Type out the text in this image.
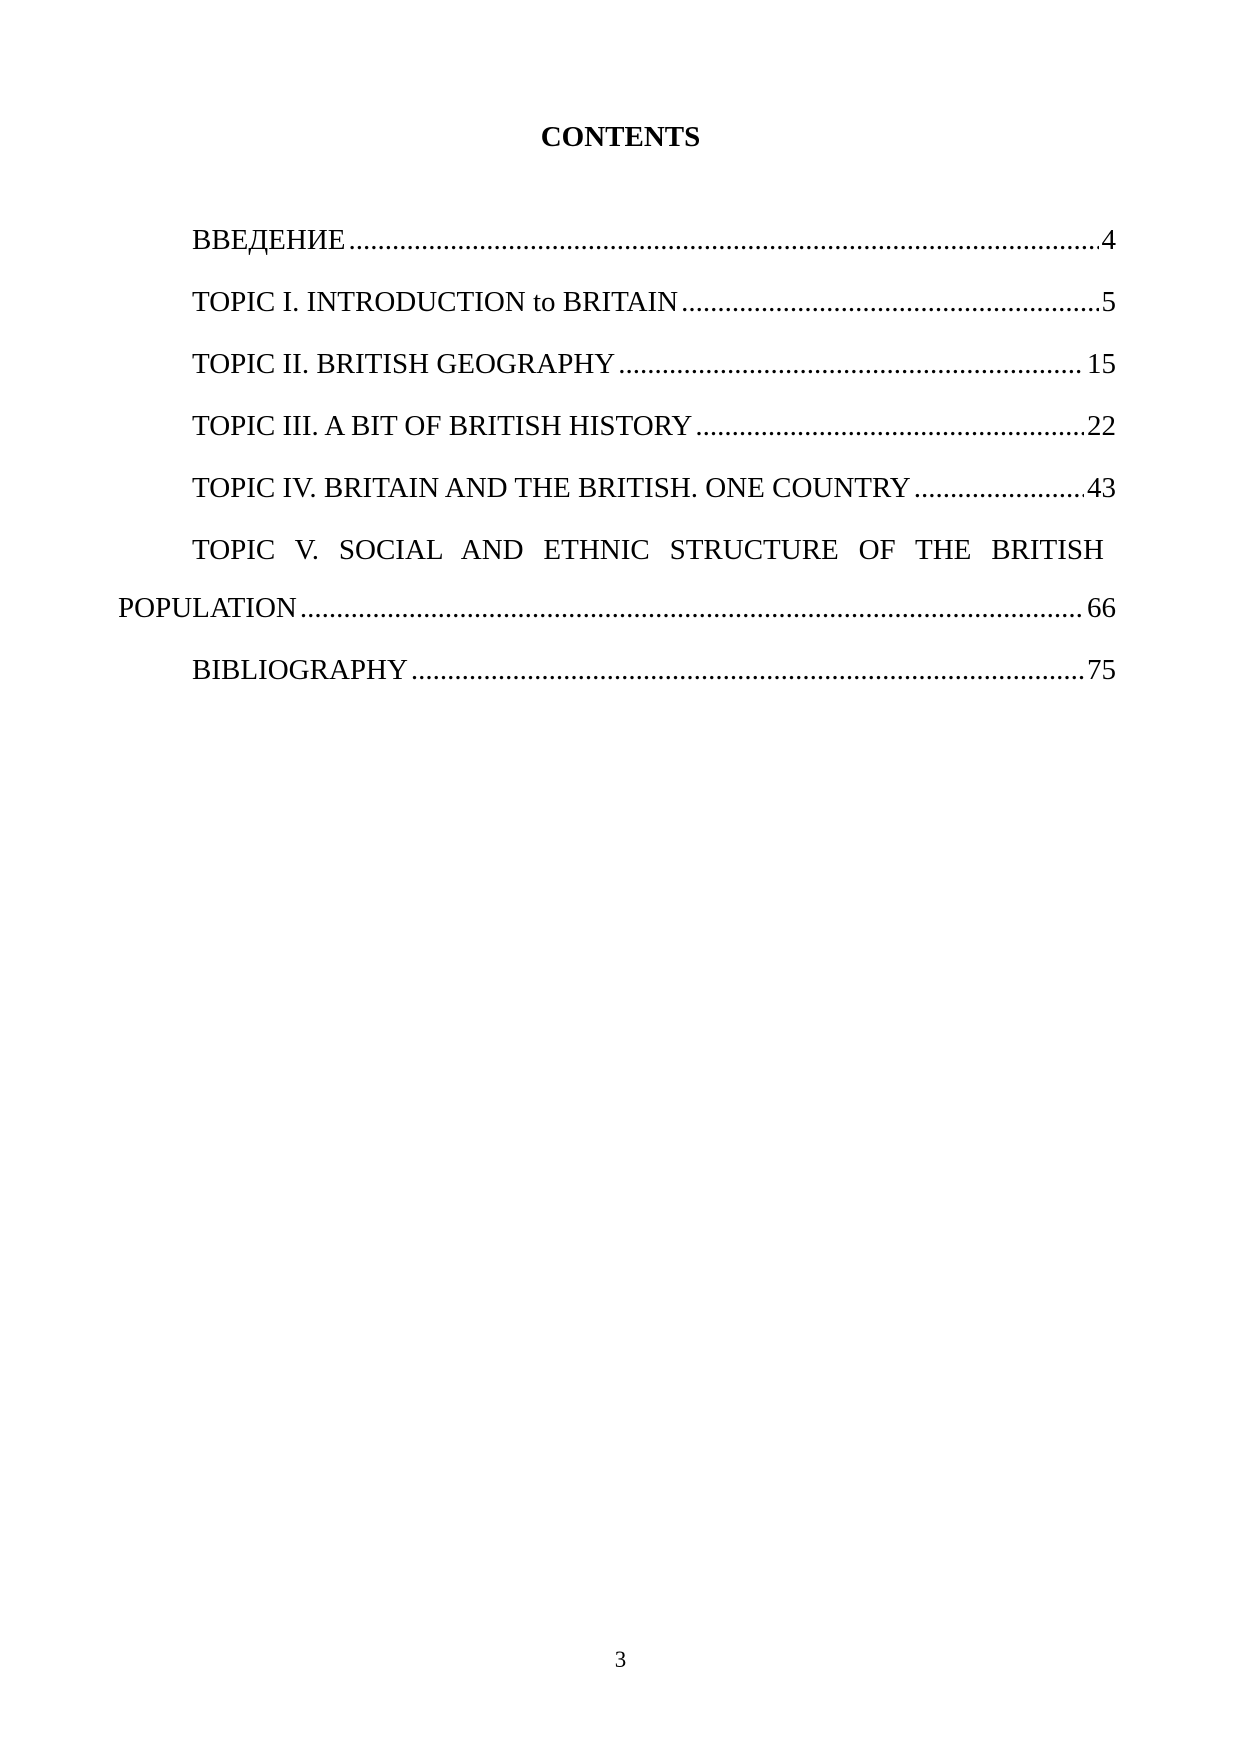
CONTENTS
ВВЕДЕНИЕ .....	4
TOPIC I. INTRODUCTION to BRITAIN .....	5
TOPIC II. BRITISH GEOGRAPHY .....	15
TOPIC III. A BIT OF BRITISH HISTORY .....	22
TOPIC IV. BRITAIN AND THE BRITISH. ONE COUNTRY .....	43
TOPIC V. SOCIAL AND ETHNIC STRUCTURE OF THE BRITISH
POPULATION .....	66
BIBLIOGRAPHY .....	75
3
